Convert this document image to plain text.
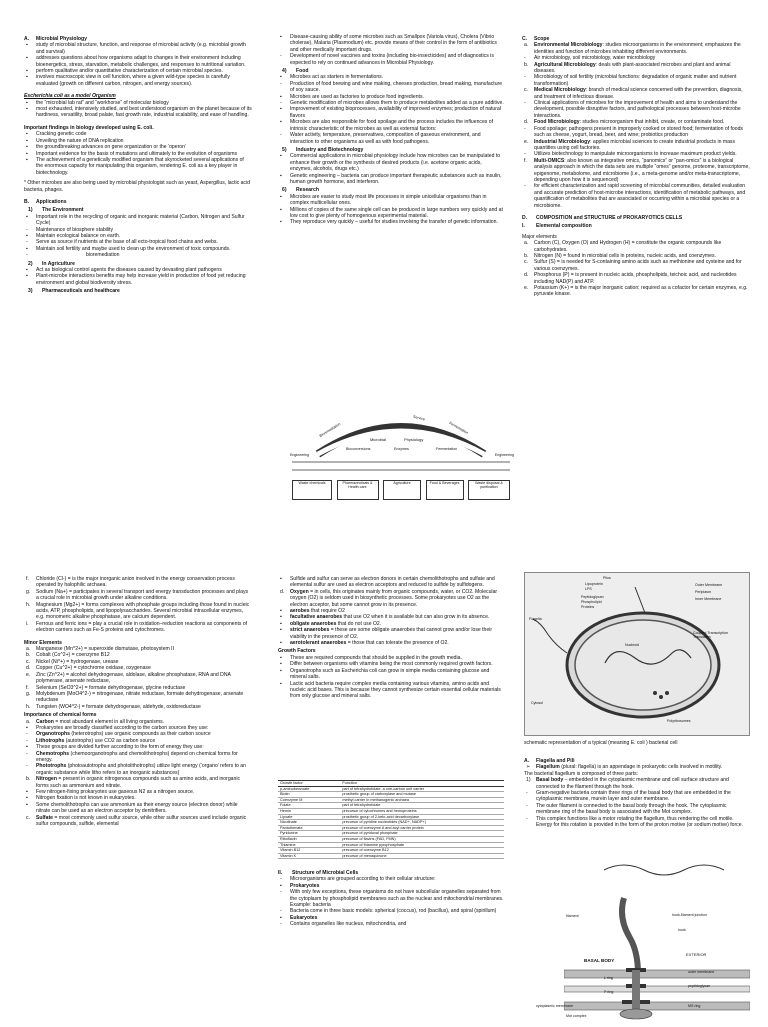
A. Microbial Physiology

▪ study of microbial structure, function, and response of microbial activity (e.g. microbial growth and survival)
▪ addresses questions about how organisms adapt to changes in their environment including bioenergetics, stress, starvation, metabolic challenges, and responses to nutritional variation.
▪ perform qualitative and/or quantitative characterization of certain microbial species.
▪ involves macroscopic view in cell function, where a given wild-type species is carefully evaluated (growth on different carbon, nitrogen, and energy sources).

Escherichia coli as a model Organism

▪ the “microbial lab rat” and “workhorse” of molecular biology
▪ most exhausted, intensively studied, and best understood organism on the planet because of its hardiness, versatility, broad palate, fast growth rate, industrial scalability, and ease of handling.

Important findings in biology developed using E. coli.

▪ Cracking genetic code
▪ Unveiling the nature of DNA replication
▪ the groundbreaking advances on gene organization or the ‘operon’
▪ Important evidence for the basis of mutations and ultimately to the evolution of organisms
▪ The achievement of a genetically modified organism that skyrocketed several applications of the enormous capacity for manipulating this organism, rendering E. coli as a key player in biotechnology.

* Other microbes are also being used by microbial physiologist such as yeast, Aspergillus, lactic acid bacteria, phages.

B. Applications

1) The Environment

▪ Important role in the recycling of organic and inorganic material (Carbon, Nitrogen and Sulfur Cycle)
- Maintenance of biosphere stability
▪ Maintain ecological balance on earth.
- Serve as source if nutrients at the base of all ecto-tropical food chains and webs.
▪ Maintain soil fertility and maybe used to clean up the environment of toxic compounds.
- bioremediation

2) In Agriculture

▪ Act as biological control agents the diseases caused by devasting plant pathogens
▪ Plant-microbe interactions benefits may help increase yield in production of food yet reducing environment and global biodiversity stress.

3) Pharmaceuticals and healthcare

▪ Disease-causing ability of some microbes such as Smallpox (Variola virus), Cholera (Vibrio cholerae), Malaria (Plasmodium) etc. provide means of their control in the form of antibiotics and other medically important drugs.
- Development of novel vaccines and toxins (including bio-insecticides) and of diagnostics is expected to rely on continued advances in Microbial Physiology.

4) Food

▪ Microbes act as starters in fermentations.
- Production of food brewing and wine making, cheeses production, bread making, manufacture of soy sauce.
▪ Microbes are used as factories to produce food ingredients.
- Genetic modification of microbes allows them to produce metabolites added as a pure additive.
▪ Improvement of existing bioprocesses, availability of improved enzymes; production of natural flavors
▪ Microbes are also responsible for food spoilage and the process includes the influences of intrinsic characteristic of the microbes as well as external factors:
- Water activity, temperature, preservatives, composition of gaseous environment, and interaction to other organisms as well as with food pathogens.

5) Industry and Biotechnology

▪ Commercial applications in microbial physiology include how microbes can be manipulated to enhance their growth or the synthesis of desired products (i.e. acetone organic acids, enzymes, alcohols, drugs etc.)
▪ Genetic engineering – bacteria can produce important therapeutic substances such as insulin, human growth hormone, and interferon.

6) Research

▪ Microbes are easier to study most life processes in simple unicellular organisms than in complex multicellular ones.
▪ Millions of copies of the same single cell can be produced in large numbers very quickly and at low cost to give plenty of homogenous experimental material.
▪ They reproduce very quickly – useful for studies involving the transfer of genetic information.
Bioremediation
Microbial	Physiology
Service
Fermentation
Engineering	Engineering
Bioconversions	Enzymes	Fermentation
Waste chemicals	Pharmaceuticals & Health care
Agriculture	Food & Beverages	Waste disposal & purification

C. Scope

a. Environmental Microbiology: studies microorganisms in the environment; emphasizes the identities and function of microbes inhabiting different environments.
- Air microbiology, soil microbiology, water microbiology
b. Agricultural Microbiology: deals with plant-associated microbes and plant and animal diseases.
- Microbiology of soil fertility (microbial functions: degradation of organic matter and nutrient transformation)
c. Medical Microbiology: branch of medical science concerned with the prevention, diagnosis, and treatment of infectious disease.
- Clinical applications of microbes for the improvement of health and aims to understand the development, possible disruptive factors, and pathological processes between host-microbe interactions.
d. Food Microbiology: studies microorganism that inhibit, create, or contaminate food.
- Food spoilage; pathogens present in improperly cooked or stored food; fermentation of foods such as cheese, yogurt, bread, beer, and wine; probiotics production
e. Industrial Microbiology: applies microbial sciences to create industrial products in mass quantities using cell factories.
- Utilizes biotechnology to manipulate microorganisms to increase maximum product yields.
f. Multi-OMICS: also known as integrative omics, “panomics” or “pan-omics” is a biological analysis approach in which the data sets are multiple “omes” genome, proteome, transcriptome, epigenome, metabolome, and microbiome (i.e., a meta-genome and/or meta-transcriptome, depending upon how it is sequenced)
- for efficient characterization and rapid screening of microbial communities, detailed evaluation and accurate prediction of host-microbe interactions, identification of metabolic pathways, and quantification of metabolites that are associated or occurring within a microbial species or a microbiome.

D. COMPOSITION and STRUCTURE of PROKARYOTICS CELLS

I. Elemental composition

Major elements

a. Carbon (C), Oxygen (O) and Hydrogen (H) = constitute the organic compounds like carbohydrates.
b. Nitrogen (N) = found in microbial cells in proteins, nucleic acids, and coenzymes.
c. Sulfur (S) = is needed for S-containing amino acids such as methionine and cysteine and for various coenzymes.
d. Phosphorus (P) = is present in nucleic acids, phospholipids, teichoic acid, and nucleotides including NAD(P) and ATP.
e. Potassium (K+) = is the major inorganic cation; required as a cofactor for certain enzymes, e.g. pyruvate kinase.
f. Chloride (Cl-) = is the major inorganic anion involved in the energy conservation process operated by halophilic archaea.
g. Sodium (Na+) = participates in several transport and energy transduction processes and plays a crucial role in microbial growth under alkaline conditions.
h. Magnesium (Mg2+) = forms complexes with phosphate groups including those found in nucleic acids, ATP, phospholipids, and lipopolysaccharides. Several microbial intracellular enzymes, e.g. monomeric alkaline phosphatase, are calcium dependent.
i. Ferrous and ferric ions = play a crucial role in oxidation–reduction reactions as components of electron carriers such as Fe-S proteins and cytochromes.

Minor Elements

a. Manganese (Mn^2+) = superoxide dismutase, photosystem II
b. Cobalt (Co^2+) = coenzyme B12
c. Nickel (Ni^+) = hydrogenase, urease
d. Copper (Cu^2+) = cytochrome oxidase, oxygenase
e. Zinc (Zn^2+) = alcohol dehydrogenase, aldolase, alkaline phosphatase, RNA and DNA polymerase, arsenate reductase,
f. Selenium (SeO3^2+) = formate dehydrogenase, glycine reductase
g. Molybdenum (MoO4^2-) = nitrogenase, nitrate reductase, formate dehydrogenase, arsenate reductase
h. Tungsten (WO4^2-) = formate dehydrogenase, aldehyde, oxidoreductase

Importance of chemical forms

a. Carbon = most abundant element in all living organisms.
▪ Prokaryotes are broadly classified according to the carbon sources they use:
- Organotrophs (heterotrophs) use organic compounds as their carbon source
- Lithotrophs (autotrophs) use CO2 as carbon source
▪ These groups are divided further according to the form of energy they use:
- Chemotrophs (chemoorganotrophs and chemolithotrophs) depend on chemical forms for energy.
- Phototrophs (photoautotrophs and photolithotrophs) utilize light energy (‘organo’ refers to an organic substance while litho refers to an inorganic substances)
b. Nitrogen = present in organic nitrogenous compounds such as amino acids, and inorganic forms such as ammonium and nitrate.
▪ Few nitrogen-fixing prokaryotes use gaseous N2 as a nitrogen source.
▪ Nitrogen fixation is not known in eukaryotes.
▪ Some chemolithotrophs can use ammonium as their energy source (electron donor) while nitrate can be used as an electron acceptor by denitrifiers.
c. Sulfate = most commonly used sulfur source, while other sulfur sources used include organic sulfur compounds, sulfide, elemental
▪ Sulfide and sulfur can serve as electron donors in certain chemolithotrophs and sulfate and elemental sulfur are used as electron acceptors and reduced to sulfide by sulfidogens.
d. Oxygen = in cells, this originates mainly from organic compounds, water, or CO2. Molecular oxygen (O2) is seldom used in biosynthetic processes. Some prokaryotes use O2 as the electron acceptor, but some cannot grow in its presence.
▪ aerobes that require O2
▪ facultative anaerobes that use O2 when it is available but can also grow in its absence.
▪ obligate anaerobes that do not use O2.
▪ strict anaerobes = these are some obligate anaerobes that cannot grow and/or lose their viability in the presence of O2.
▪ aerotolerant anaerobes = those that can tolerate the presence of O2.

Growth Factors

▪ These are required compounds that should be supplied in the growth media.
▪ Differ between organisms with vitamins being the most commonly required growth factors.
▪ Organotrophs such as Escherichia coli can grow in simple media containing glucose and mineral salts.
▪ Lactic acid bacteria require complex media containing various vitamins, amino acids and nucleic acid bases. This is because they cannot synthesize certain essential cellular materials from only glucose and mineral salts.
Growth factor	Function
p-aminobenzoate	part of tetrahydrofolate, a one-carbon unit carrier
Biotin	prosthetic group of carboxylase and mutase
Coenzyme M	methyl carrier in methanogenic archaea
Folate	part of tetrahydrofolate
Hemin	precursor of cytochromes and hemoproteins
Lipoate	prosthetic group of 2-keto-acid decarboxylase
Nicotinate	precursor of pyridine nucleotides (NAD+, NADP+)
Pantothenate	precursor of coenzyme A and acyl carrier protein
Pyridoxine	precursor of pyridoxal phosphate
Riboflavin	precursor of flavins (FAD, FMN)
Thiamine	precursor of thiamine pyrophosphate
Vitamin B12	precursor of coenzyme B12
Vitamin K	precursor of menaquinone

II. Structure of Microbial Cells

- Microorganisms are grouped according to their cellular structure:
▪ Prokaryotes
- With only few exceptions, these organisms do not have subcellular organelles separated from the cytoplasm by phospholipid membranes such as the nuclear and mitochondrial membranes. Example: bacteria
- Bacteria come in three basic models: spherical (coccus), rod (bacillus), and spiral (spirillum)
▪ Eukaryotes
- Contains organelles like nucleus, mitochondria, and
Pilus
Lipoprotein
LPS
Peptidoglycan
Phospholipid
Proteins
Outer Membrane
Periplasm
Inner Membrane
Flagella
Nucleoid
Coupled Transcription Translation
Cytosol
Polyribosomes

schematic representation of a typical (meaning E. coli ) bacterial cell

A. Flagella and Pili

➢ Flagellum (plural: flagella) is an appendage in prokaryotic cells involved in motility.

The bacterial flagellum is composed of three parts:

1) Basal body – embedded in the cytoplasmic membrane and cell surface structure and connected to the filament through the hook.
- Gram-negative bacteria contain three rings of the basal body that are embedded in the cytoplasmic membrane, murein layer and outer membrane.
- The outer filament is connected to the basal body through the hook. The cytoplasmic membrane ring of the basal body is associated with the Mot complex.
- This complex functions like a motor rotating the flagellum, thus rendering the cell motile. Energy for this rotation is provided in the form of the proton motive (or sodium motive) force.
filament
hook
hook-filament junction
EXTERIOR
BASAL BODY
L ring
P ring
outer membrane
peptidoglycan
cytoplasmic membrane
Mot complex
MS ring
